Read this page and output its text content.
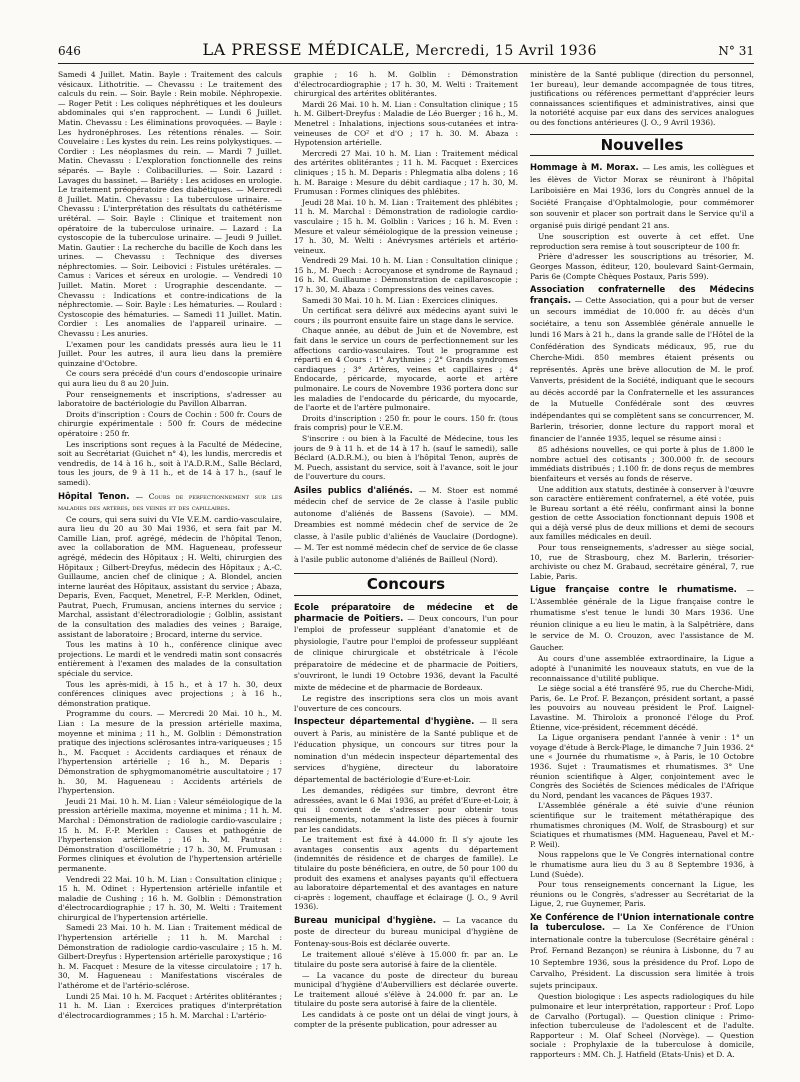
646	LA PRESSE MÉDICALE, Mercredi, 15 Avril 1936	N° 31

Samedi 4 Juillet. Matin. Bayle : Traitement des calculs vésicaux. Lithotritie. — Chevassu : Le traitement des calculs du rein. — Soir. Bayle : Rein mobile. Néphropexie. — Roger Petit : Les coliques néphrétiques et les douleurs abdominales qui s'en rapprochent. — Lundi 6 Juillet. Matin. Chevassu : Les éliminations provoquées. — Bayle : Les hydronéphroses. Les rétentions rénales. — Soir. Couvelaire : Les kystes du rein. Les reins polykystiques. — Cordier : Les néoplasmes du rein. — Mardi 7 Juillet. Matin. Chevassu : L'exploration fonctionnelle des reins séparés. — Bayle : Colibacilluries. — Soir. Lazard : Lavages du bassinet. — Bariéty : Les acidoses en urologie. Le traitement préopératoire des diabétiques. — Mercredi 8 Juillet. Matin. Chevassu : La tuberculose urinaire. — Chevassu : L'interprétation des résultats du cathétérisme urétéral. — Soir. Bayle : Clinique et traitement non opératoire de la tuberculose urinaire. — Lazard : La cystoscopie de la tuberculose urinaire. — Jeudi 9 Juillet. Matin. Gautier : La recherche du bacille de Koch dans les urines. — Chevassu : Technique des diverses néphrectomies. — Soir. Leibovici : Fistules urétérales. — Camus : Varices et séreux en urologie. — Vendredi 10 Juillet. Matin. Moret : Urographie descendante. — Chevassu : Indications et contre-indications de la néphrectomie. — Soir. Bayle : Les hématuries. — Roulard : Cystoscopie des hématuries. — Samedi 11 Juillet. Matin. Cordier : Les anomalies de l'appareil urinaire. — Chevassu : Les anuries.

L'examen pour les candidats pressés aura lieu le 11 Juillet. Pour les autres, il aura lieu dans la première quinzaine d'Octobre.

Ce cours sera précédé d'un cours d'endoscopie urinaire qui aura lieu du 8 au 20 Juin.

Pour renseignements et inscriptions, s'adresser au laboratoire de bactériologie du Pavillon Albarran.

Droits d'inscription : Cours de Cochin : 500 fr. Cours de chirurgie expérimentale : 500 fr. Cours de médecine opératoire : 250 fr.

Les inscriptions sont reçues à la Faculté de Médecine, soit au Secrétariat (Guichet n° 4), les lundis, mercredis et vendredis, de 14 à 16 h., soit à l'A.D.R.M., Salle Béclard, tous les jours, de 9 à 11 h., et de 14 à 17 h., (sauf le samedi).

Hôpital Tenon. — Cours de perfectionnement sur les maladies des artères, des veines et des capillaires.

Ce cours, qui sera suivi du VIe V.E.M. cardio-vasculaire, aura lieu du 20 au 30 Mai 1936, et sera fait par M. Camille Lian, prof. agrégé, médecin de l'hôpital Tenon, avec la collaboration de MM. Hagueneau, professeur agrégé, médecin des Hôpitaux ; H. Welti, chirurgien des Hôpitaux ; Gilbert-Dreyfus, médecin des Hôpitaux ; A.-C. Guillaume, ancien chef de clinique ; A. Blondel, ancien interne lauréat des Hôpitaux, assistant du service ; Abaza, Deparis, Even, Facquet, Menetrel, F.-P. Merklen, Odinet, Pautrat, Puech, Frumusan, anciens internes du service ; Marchal, assistant d'électroradiologie ; Golblin, assistant de la consultation des maladies des veines ; Baraige, assistant de laboratoire ; Brocard, interne du service.

Tous les matins à 10 h., conférence clinique avec projections. Le mardi et le vendredi matin sont consacrés entièrement à l'examen des malades de la consultation spéciale du service.

Tous les après-midi, à 15 h., et à 17 h. 30, deux conférences cliniques avec projections ; à 16 h., démonstration pratique.

Programme du cours. — Mercredi 20 Mai. 10 h., M. Lian : La mesure de la pression artérielle maxima, moyenne et minima ; 11 h., M. Golblin : Démonstration pratique des injections sclérosantes intra-variqueuses ; 15 h., M. Facquet : Accidents cardiaques et rénaux de l'hypertension artérielle ; 16 h., M. Deparis : Démonstration de sphygmomanométrie auscultatoire ; 17 h. 30, M. Hagueneau : Accidents artériels de l'hypertension.

Jeudi 21 Mai. 10 h. M. Lian : Valeur séméiologique de la pression artérielle maxima, moyenne et minima ; 11 h. M. Marchal : Démonstration de radiologie cardio-vasculaire ; 15 h. M. F.-P. Merklen : Causes et pathogénie de l'hypertension artérielle ; 16 h. M. Pautrat : Démonstration d'oscillométrie ; 17 h. 30, M. Frumusan : Formes cliniques et évolution de l'hypertension artérielle permanente.

Vendredi 22 Mai. 10 h. M. Lian : Consultation clinique ; 15 h. M. Odinet : Hypertension artérielle infantile et maladie de Cushing ; 16 h. M. Golblin : Démonstration d'électrocardiographie ; 17 h. 30, M. Welti : Traitement chirurgical de l'hypertension artérielle.

Samedi 23 Mai. 10 h. M. Lian : Traitement médical de l'hypertension artérielle ; 11 h. M. Marchal : Démonstration de radiologie cardio-vasculaire ; 15 h. M. Gilbert-Dreyfus : Hypertension artérielle paroxystique ; 16 h. M. Facquet : Mesure de la vitesse circulatoire ; 17 h. 30, M. Hagueneau : Manifestations viscérales de l'athérome et de l'artério-sclérose.

Lundi 25 Mai. 10 h. M. Facquet : Artérites oblitérantes ; 11 h. M. Lian : Exercices pratiques d'interprétation d'électrocardiogrammes ; 15 h. M. Marchal : L'artério-

graphie ; 16 h. M. Golblin : Démonstration d'électrocardiographie ; 17 h. 30, M. Welti : Traitement chirurgical des artérites oblitérantes.

Mardi 26 Mai. 10 h. M. Lian : Consultation clinique ; 15 h. M. Gilbert-Dreyfus : Maladie de Léo Buerger ; 16 h., M. Menetrel : Inhalations, injections sous-cutanées et intra-veineuses de CO² et d'O ; 17 h. 30. M. Abaza : Hypotension artérielle.

Mercredi 27 Mai. 10 h. M. Lian : Traitement médical des artérites oblitérantes ; 11 h. M. Facquet : Exercices cliniques ; 15 h. M. Deparis : Phlegmatia alba dolens ; 16 h. M. Baraige : Mesure du débit cardiaque ; 17 h. 30, M. Frumusan : Formes cliniques des phlébites.

Jeudi 28 Mai. 10 h. M. Lian : Traitement des phlébites ; 11 h. M. Marchal : Démonstration de radiologie cardio-vasculaire ; 15 h. M. Golblin : Varices ; 16 h. M. Even : Mesure et valeur séméiologique de la pression veineuse ; 17 h. 30, M. Welti : Anévrysmes artériels et artério-veineux.

Vendredi 29 Mai. 10 h. M. Lian : Consultation clinique ; 15 h., M. Puech : Acrocyanose et syndrome de Raynaud ; 16 h. M. Guillaume : Démonstration de capillaroscopie ; 17 h. 30, M. Abaza : Compressions des veines caves.

Samedi 30 Mai. 10 h. M. Lian : Exercices cliniques.

Un certificat sera délivré aux médecins ayant suivi le cours ; ils pourront ensuite faire un stage dans le service.

Chaque année, au début de Juin et de Novembre, est fait dans le service un cours de perfectionnement sur les affections cardio-vasculaires. Tout le programme est réparti en 4 Cours : 1° Arythmies ; 2° Grands syndromes cardiaques ; 3° Artères, veines et capillaires ; 4° Endocarde, péricarde, myocarde, aorte et artère pulmonaire. Le cours de Novembre 1936 portera donc sur les maladies de l'endocarde du péricarde, du myocarde, de l'aorte et de l'artère pulmonaire.

Droits d'inscription : 250 fr. pour le cours. 150 fr. (tous frais compris) pour le V.E.M.

S'inscrire : ou bien à la Faculté de Médecine, tous les jours de 9 à 11 h. et de 14 à 17 h. (sauf le samedi), salle Béclard (A.D.R.M.), ou bien à l'hôpital Tenon, auprès de M. Puech, assistant du service, soit à l'avance, soit le jour de l'ouverture du cours.

Asiles publics d'aliénés. — M. Stoer est nommé médecin chef de service de 2e classe à l'asile public autonome d'aliénés de Bassens (Savoie). — MM. Dreambies est nommé médecin chef de service de 2e classe, à l'asile public d'aliénés de Vauclaire (Dordogne). — M. Ter est nommé médecin chef de service de 6e classe à l'asile public autonome d'aliénés de Bailleul (Nord).
Concours
Ecole préparatoire de médecine et de pharmacie de Poitiers. — Deux concours, l'un pour l'emploi de professeur suppléant d'anatomie et de physiologie, l'autre pour l'emploi de professeur suppléant de clinique chirurgicale et obstétricale à l'école préparatoire de médecine et de pharmacie de Poitiers, s'ouvriront, le lundi 19 Octobre 1936, devant la Faculté mixte de médecine et de pharmacie de Bordeaux.

Le registre des inscriptions sera clos un mois avant l'ouverture de ces concours.

Inspecteur départemental d'hygiène. — Il sera ouvert à Paris, au ministère de la Santé publique et de l'éducation physique, un concours sur titres pour la nomination d'un médecin inspecteur départemental des services d'hygiène, directeur du laboratoire départemental de bactériologie d'Eure-et-Loir.

Les demandes, rédigées sur timbre, devront être adressées, avant le 6 Mai 1936, au préfet d'Eure-et-Loir, à qui il convient de s'adresser pour obtenir tous renseignements, notamment la liste des pièces à fournir par les candidats.

Le traitement est fixé à 44.000 fr. Il s'y ajoute les avantages consentis aux agents du département (indemnités de résidence et de charges de famille). Le titulaire du poste bénéficiera, en outre, de 50 pour 100 du produit des examens et analyses payants qu'il effectuera au laboratoire départemental et des avantages en nature ci-après : logement, chauffage et éclairage (J. O., 9 Avril 1936).

Bureau municipal d'hygiène. — La vacance du poste de directeur du bureau municipal d'hygiène de Fontenay-sous-Bois est déclarée ouverte.

Le traitement alloué s'élève à 15.000 fr. par an. Le titulaire du poste sera autorisé à faire de la clientèle.

— La vacance du poste de directeur du bureau municipal d'hygiène d'Aubervilliers est déclarée ouverte. Le traitement alloué s'élève à 24.000 fr. par an. Le titulaire du poste sera autorisé à faire de la clientèle.

Les candidats à ce poste ont un délai de vingt jours, à compter de la présente publication, pour adresser au

ministère de la Santé publique (direction du personnel, 1er bureau), leur demande accompagnée de tous titres, justifications ou références permettant d'apprécier leurs connaissances scientifiques et administratives, ainsi que la notoriété acquise par eux dans des services analogues ou des fonctions antérieures (J. O., 9 Avril 1936).

Nouvelles
Hommage à M. Morax. — Les amis, les collègues et les élèves de Victor Morax se réuniront à l'hôpital Lariboisière en Mai 1936, lors du Congrès annuel de la Société Française d'Ophtalmologie, pour commémorer son souvenir et placer son portrait dans le Service qu'il a organisé puis dirigé pendant 21 ans.

Une souscription est ouverte à cet effet. Une reproduction sera remise à tout souscripteur de 100 fr.

Prière d'adresser les souscriptions au trésorier, M. Georges Masson, éditeur, 120, boulevard Saint-Germain, Paris 6e (Compte Chèques Postaux, Paris 599).

Association confraternelle des Médecins français. — Cette Association, qui a pour but de verser un secours immédiat de 10.000 fr. au décès d'un sociétaire, a tenu son Assemblée générale annuelle le lundi 16 Mars à 21 h., dans la grande salle de l'Hôtel de la Confédération des Syndicats médicaux, 95, rue du Cherche-Midi. 850 membres étaient présents ou représentés. Après une brève allocution de M. le prof. Vanverts, président de la Société, indiquant que le secours au décès accordé par la Confraternelle et les assurances de la Mutuelle Confédérale sont des œuvres indépendantes qui se complètent sans se concurrencer, M. Barlerin, trésorier, donne lecture du rapport moral et financier de l'année 1935, lequel se résume ainsi :

85 adhésions nouvelles, ce qui porte à plus de 1.800 le nombre actuel des cotisants ; 300.000 fr. de secours immédiats distribués ; 1.100 fr. de dons reçus de membres bienfaiteurs et versés au fonds de réserve.

Une addition aux statuts, destinée à conserver à l'œuvre son caractère entièrement confraternel, a été votée, puis le Bureau sortant a été réélu, confirmant ainsi la bonne gestion de cette Association fonctionnant depuis 1908 et qui a déjà versé plus de deux millions et demi de secours aux familles médicales en deuil.

Pour tous renseignements, s'adresser au siège social, 10, rue de Strasbourg, chez M. Barlerin, trésorier-archiviste ou chez M. Grabaud, secrétaire général, 7, rue Labie, Paris.

Ligue française contre le rhumatisme. — L'Assemblée générale de la Ligue française contre le rhumatisme s'est tenue le lundi 30 Mars 1936. Une réunion clinique a eu lieu le matin, à la Salpêtrière, dans le service de M. O. Crouzon, avec l'assistance de M. Gaucher.

Au cours d'une assemblée extraordinaire, la Ligue a adopté à l'unanimité les nouveaux statuts, en vue de la reconnaissance d'utilité publique.

Le siège social a été transféré 95, rue du Cherche-Midi, Paris, 6e. Le Prof. F. Bezançon, président sortant, a passé les pouvoirs au nouveau président le Prof. Laignel-Lavastine. M. Thiroloix a prononcé l'éloge du Prof. Étienne, vice-président, récemment décédé.

La Ligue organisera pendant l'année à venir : 1° un voyage d'étude à Berck-Plage, le dimanche 7 Juin 1936. 2° une « Journée du rhumatisme », à Paris, le 10 Octobre 1936. Sujet : Traumatismes et rhumatismes. 3° Une réunion scientifique à Alger, conjointement avec le Congrès des Sociétés de Sciences médicales de l'Afrique du Nord, pendant les vacances de Pâques 1937.

L'Assemblée générale a été suivie d'une réunion scientifique sur le traitement métathérapique des rhumatismes chroniques (M. Wolf, de Strasbourg) et sur Sciatiques et rhumatismes (MM. Hagueneau, Pavel et M.-P. Weil).

Nous rappelons que le Ve Congrès international contre le rhumatisme aura lieu du 3 au 8 Septembre 1936, à Lund (Suède).

Pour tous renseignements concernant la Ligue, les réunions ou le Congrès, s'adresser au Secrétariat de la Ligue, 2, rue Guynemer, Paris.

Xe Conférence de l'Union internationale contre la tuberculose. — La Xe Conférence de l'Union internationale contre la tuberculose (Secrétaire général : Prof. Fernand Bezançon) se réunira à Lisbonne, du 7 au 10 Septembre 1936, sous la présidence du Prof. Lopo de Carvalho, Président. La discussion sera limitée à trois sujets principaux.

Question biologique : Les aspects radiologiques du hile pulmonaire et leur interprétation, rapporteur : Prof. Lopo de Carvalho (Portugal). — Question clinique : Primo-infection tuberculeuse de l'adolescent et de l'adulte. Rapporteur : M. Olaf Scheel (Norvège). — Question sociale : Prophylaxie de la tuberculose à domicile, rapporteurs : MM. Ch. J. Hatfield (Etats-Unis) et D. A.
